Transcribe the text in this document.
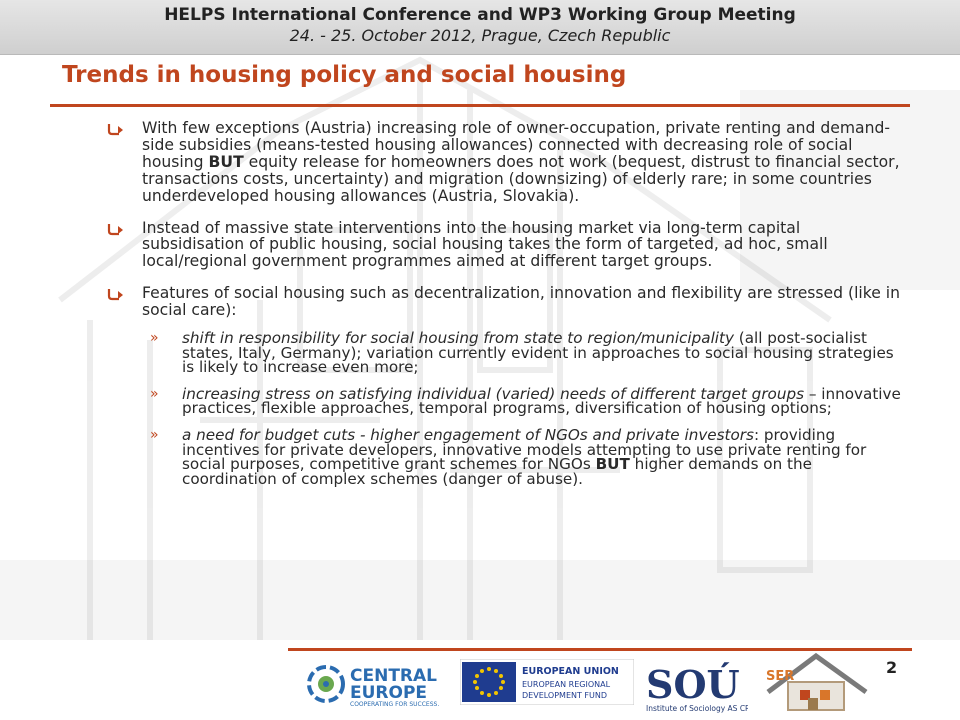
HELPS International Conference and WP3 Working Group Meeting
24. - 25. October 2012, Prague, Czech Republic
Trends in housing policy and social housing
With few exceptions (Austria) increasing role of owner-occupation, private renting and demand-side subsidies (means-tested housing allowances) connected with decreasing role of social housing BUT equity release for homeowners does not work (bequest, distrust to financial sector, transactions costs, uncertainty) and migration (downsizing) of elderly rare; in some countries underdeveloped housing allowances (Austria, Slovakia).
Instead of massive state interventions into the housing market via long-term capital subsidisation of public housing, social housing takes the form of targeted, ad hoc, small local/regional government programmes aimed at different target groups.
Features of social housing such as decentralization, innovation and flexibility are stressed (like in social care):
» shift in responsibility for social housing from state to region/municipality (all post-socialist states, Italy, Germany); variation currently evident in approaches to social housing strategies is likely to increase even more;
» increasing stress on satisfying individual (varied) needs of different target groups – innovative practices, flexible approaches, temporal programs, diversification of housing options;
» a need for budget cuts - higher engagement of NGOs and private investors: providing incentives for private developers, innovative models attempting to use private renting for social purposes, competitive grant schemes for NGOs BUT higher demands on the coordination of complex schemes (danger of abuse).
CENTRAL
EUROPE
COOPERATING FOR SUCCESS.
EUROPEAN UNION
EUROPEAN REGIONAL
DEVELOPMENT FUND SOÚ
Institute of Sociology AS CR
SER	2
